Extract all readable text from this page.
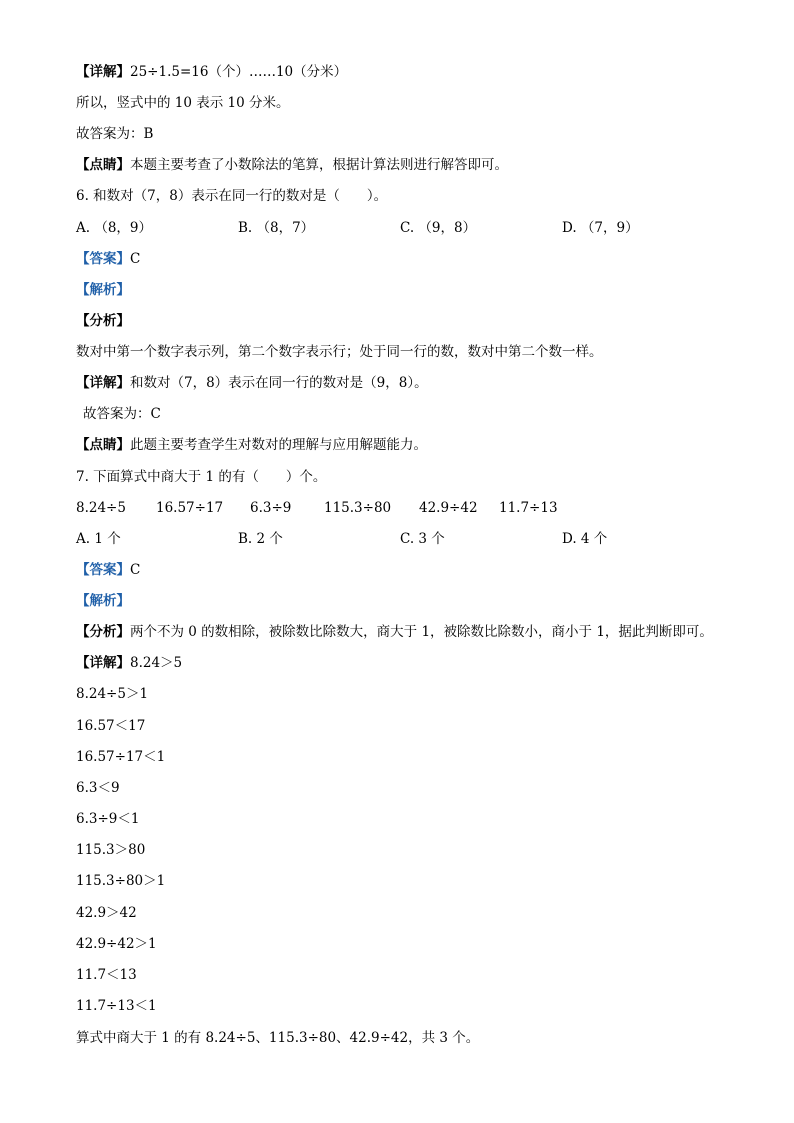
【详解】25÷1.5=16（个）……10（分米）
所以，竖式中的 10 表示 10 分米。
故答案为：B
【点睛】本题主要考查了小数除法的笔算，根据计算法则进行解答即可。
6. 和数对（7，8）表示在同一行的数对是（　　）。
A. （8，9）	B. （8，7）	C. （9，8）	D. （7，9）
【答案】C
【解析】
【分析】
数对中第一个数字表示列，第二个数字表示行；处于同一行的数，数对中第二个数一样。
【详解】和数对（7，8）表示在同一行的数对是（9，8）。
故答案为：C
【点睛】此题主要考查学生对数对的理解与应用解题能力。
7. 下面算式中商大于 1 的有（　　）个。
8.24÷5 16.57÷17 6.3÷9 115.3÷80 42.9÷42 11.7÷13
A. 1 个	B. 2 个	C. 3 个	D. 4 个
【答案】C
【解析】
【分析】两个不为 0 的数相除，被除数比除数大，商大于 1，被除数比除数小，商小于 1，据此判断即可。
【详解】8.24＞5
8.24÷5＞1
16.57＜17
16.57÷17＜1
6.3＜9
6.3÷9＜1
115.3＞80
115.3÷80＞1
42.9＞42
42.9÷42＞1
11.7＜13
11.7÷13＜1
算式中商大于 1 的有 8.24÷5、115.3÷80、42.9÷42，共 3 个。
